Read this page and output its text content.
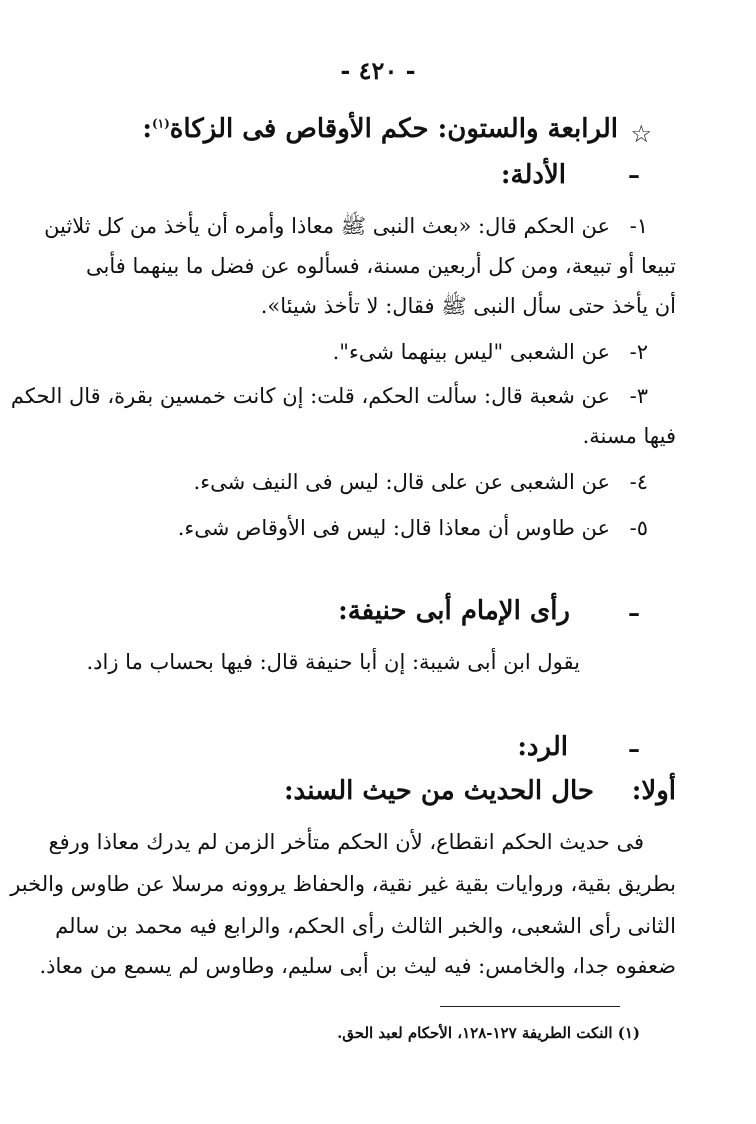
- ٤٢٠ -
☆
الرابعة والستون: حكم الأوقاص فى الزكاة$^{(١)}$:
–
الأدلة:
١-
عن الحكم قال: «بعث النبى ﷺ معاذا وأمره أن يأخذ من كل ثلاثين
تبيعا أو تبيعة، ومن كل أربعين مسنة، فسألوه عن فضل ما بينهما فأبى
أن يأخذ حتى سأل النبى ﷺ فقال: لا تأخذ شيئا».
٢-
عن الشعبى "ليس بينهما شىء".
٣-
عن شعبة قال: سألت الحكم، قلت: إن كانت خمسين بقرة، قال الحكم
فيها مسنة.
٤-
عن الشعبى عن على قال: ليس فى النيف شىء.
٥-
عن طاوس أن معاذا قال: ليس فى الأوقاص شىء.
–
رأى الإمام أبى حنيفة:
يقول ابن أبى شيبة: إن أبا حنيفة قال: فيها بحساب ما زاد.
–
الرد:
أولا:
حال الحديث من حيث السند:
فى حديث الحكم انقطاع، لأن الحكم متأخر الزمن لم يدرك معاذا ورفع
بطريق بقية، وروايات بقية غير نقية، والحفاظ يروونه مرسلا عن طاوس والخبر
الثانى رأى الشعبى، والخبر الثالث رأى الحكم، والرابع فيه محمد بن سالم
ضعفوه جدا، والخامس: فيه ليث بن أبى سليم، وطاوس لم يسمع من معاذ.
(١) النكت الطريفة ١٢٧-١٢٨، الأحكام لعبد الحق.
